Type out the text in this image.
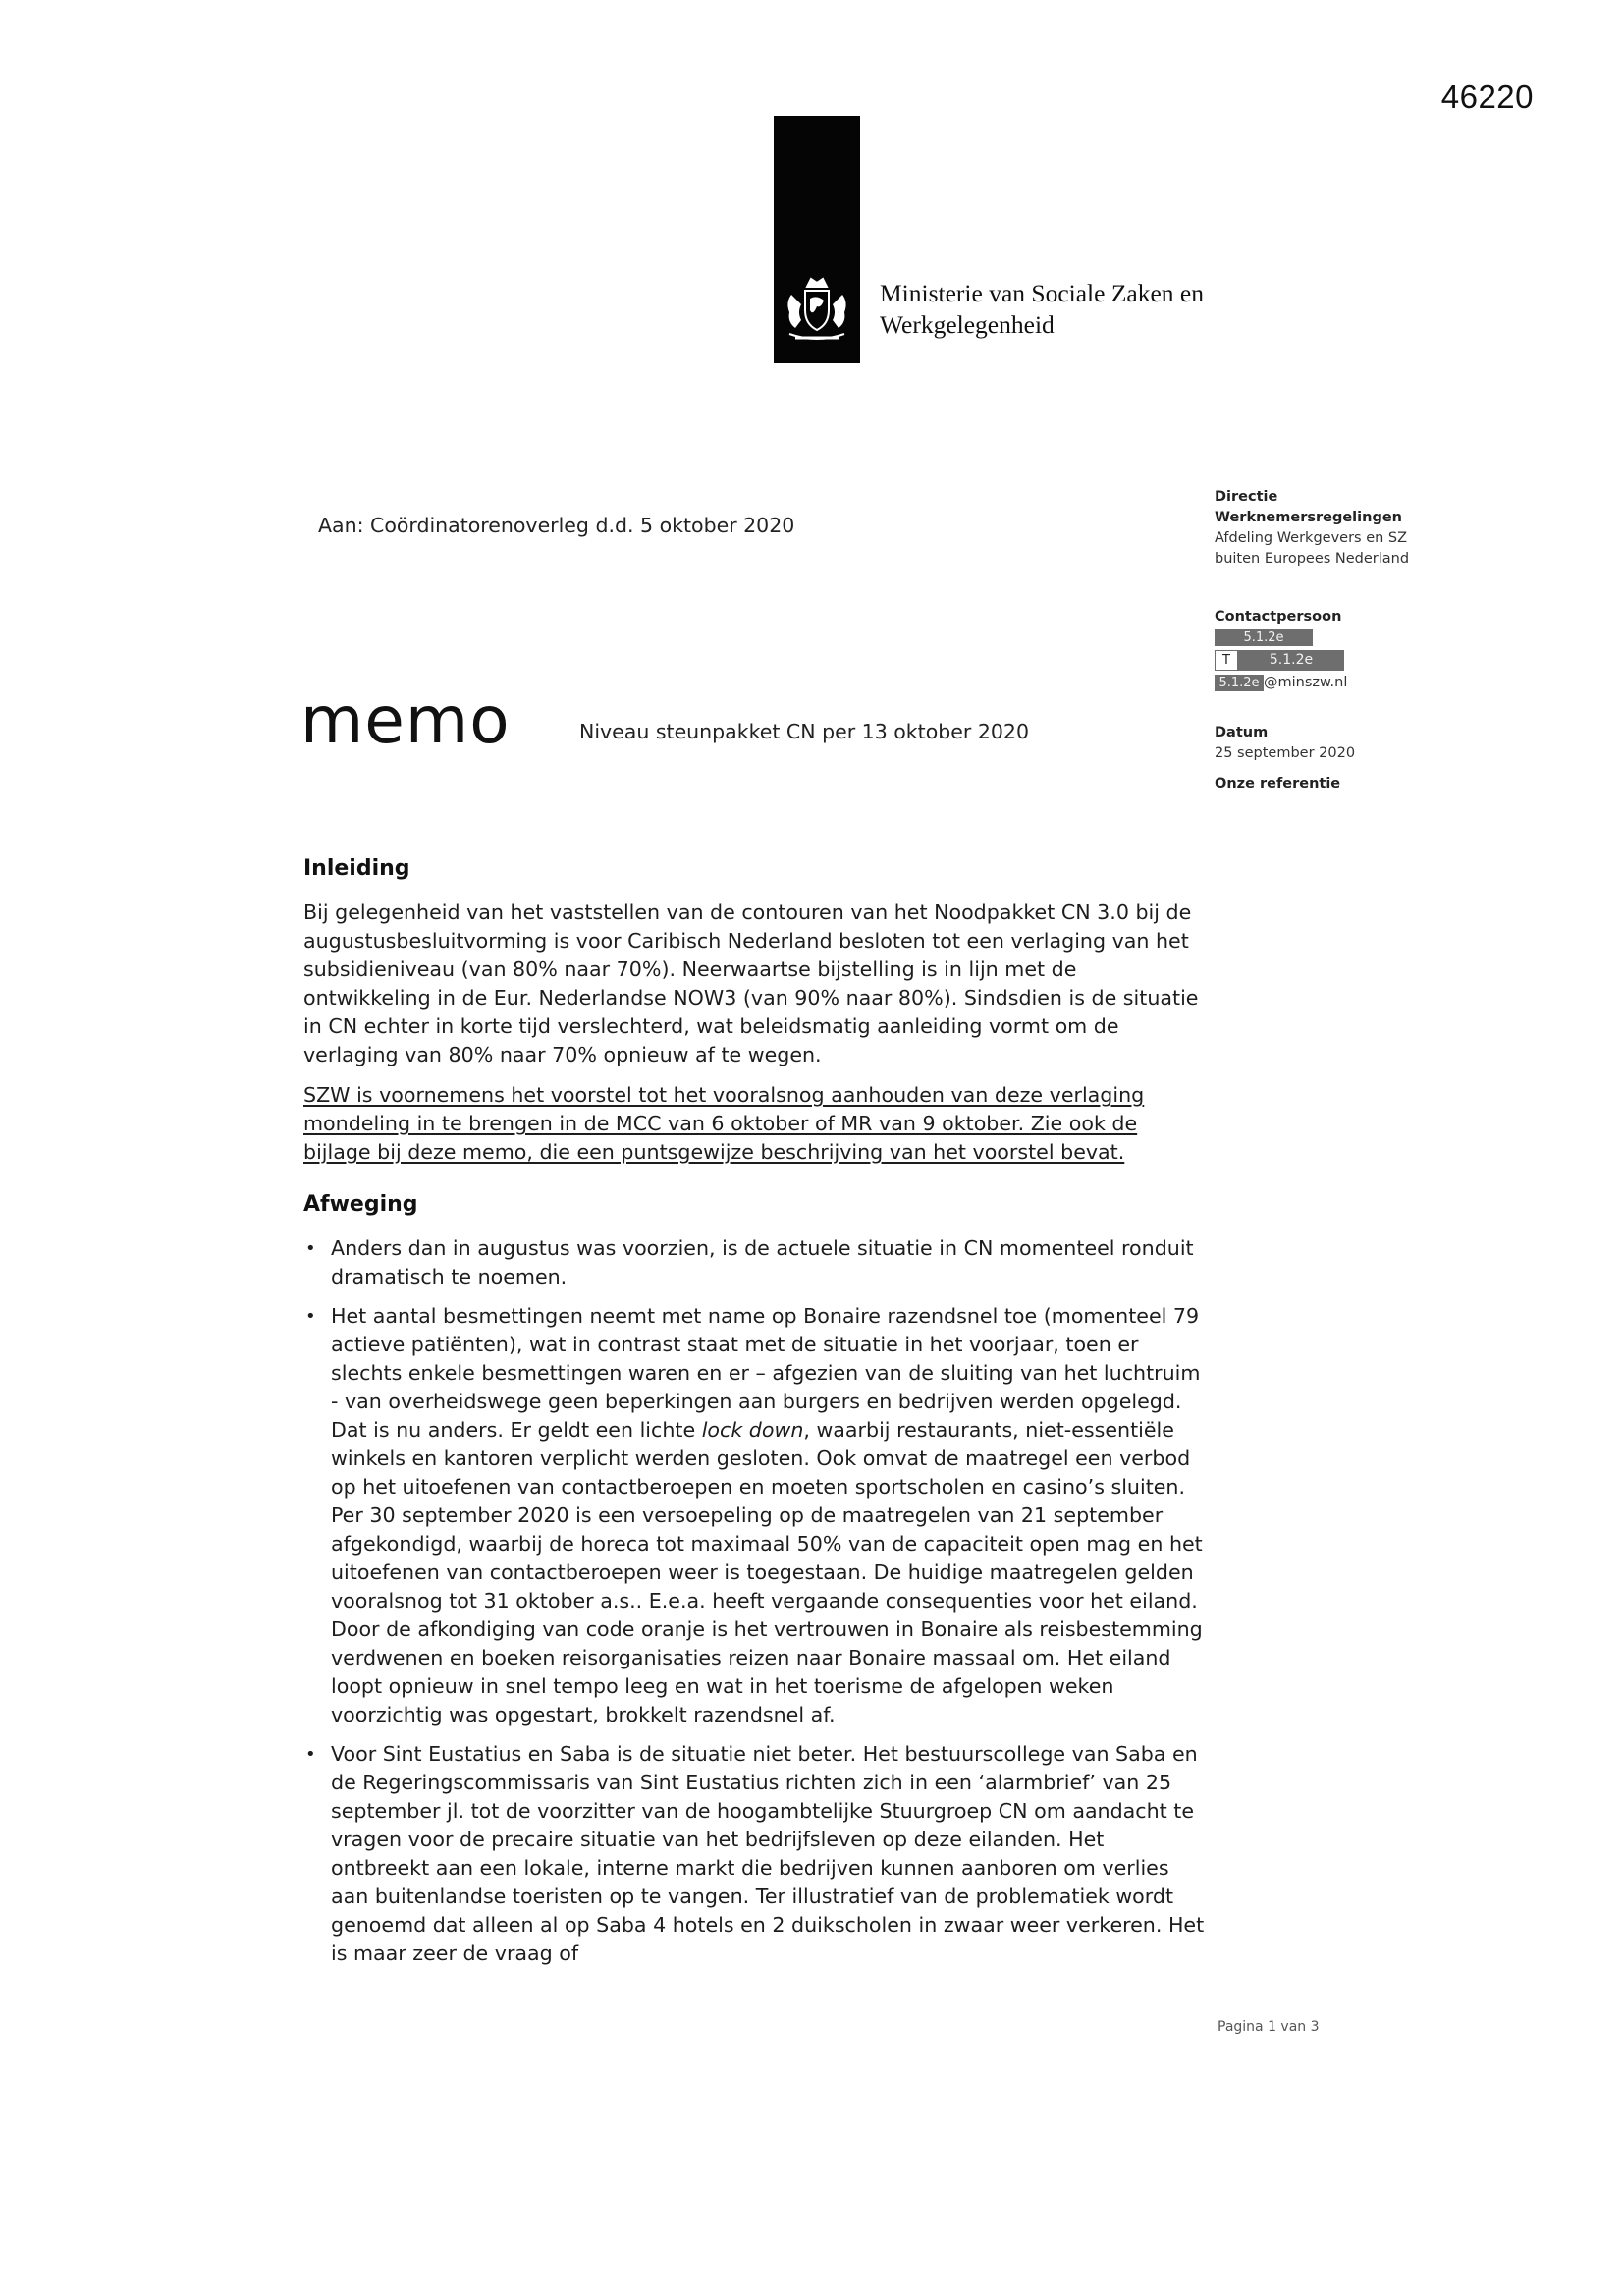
46220
Ministerie van Sociale Zaken en
Werkgelegenheid
Aan: Coördinatorenoverleg d.d. 5 oktober 2020
memo	Niveau steunpakket CN per 13 oktober 2020
Directie
Werknemersregelingen
Afdeling Werkgevers en SZ
buiten Europees Nederland
Contactpersoon
5.1.2e
T	5.1.2e
5.1.2e @minszw.nl
Datum
25 september 2020
Onze referentie
Inleiding

Bij gelegenheid van het vaststellen van de contouren van het Noodpakket CN 3.0 bij de augustusbesluitvorming is voor Caribisch Nederland besloten tot een verlaging van het subsidieniveau (van 80% naar 70%). Neerwaartse bijstelling is in lijn met de ontwikkeling in de Eur. Nederlandse NOW3 (van 90% naar 80%). Sindsdien is de situatie in CN echter in korte tijd verslechterd, wat beleidsmatig aanleiding vormt om de verlaging van 80% naar 70% opnieuw af te wegen.

SZW is voornemens het voorstel tot het vooralsnog aanhouden van deze verlaging mondeling in te brengen in de MCC van 6 oktober of MR van 9 oktober. Zie ook de bijlage bij deze memo, die een puntsgewijze beschrijving van het voorstel bevat.

Afweging
• Anders dan in augustus was voorzien, is de actuele situatie in CN momenteel ronduit dramatisch te noemen.
• Het aantal besmettingen neemt met name op Bonaire razendsnel toe (momenteel 79 actieve patiënten), wat in contrast staat met de situatie in het voorjaar, toen er slechts enkele besmettingen waren en er – afgezien van de sluiting van het luchtruim - van overheidswege geen beperkingen aan burgers en bedrijven werden opgelegd. Dat is nu anders. Er geldt een lichte lock down, waarbij restaurants, niet-essentiële winkels en kantoren verplicht werden gesloten. Ook omvat de maatregel een verbod op het uitoefenen van contactberoepen en moeten sportscholen en casino’s sluiten. Per 30 september 2020 is een versoepeling op de maatregelen van 21 september afgekondigd, waarbij de horeca tot maximaal 50% van de capaciteit open mag en het uitoefenen van contactberoepen weer is toegestaan. De huidige maatregelen gelden vooralsnog tot 31 oktober a.s.. E.e.a. heeft vergaande consequenties voor het eiland. Door de afkondiging van code oranje is het vertrouwen in Bonaire als reisbestemming verdwenen en boeken reisorganisaties reizen naar Bonaire massaal om. Het eiland loopt opnieuw in snel tempo leeg en wat in het toerisme de afgelopen weken voorzichtig was opgestart, brokkelt razendsnel af.
• Voor Sint Eustatius en Saba is de situatie niet beter. Het bestuurscollege van Saba en de Regeringscommissaris van Sint Eustatius richten zich in een ‘alarmbrief’ van 25 september jl. tot de voorzitter van de hoogambtelijke Stuurgroep CN om aandacht te vragen voor de precaire situatie van het bedrijfsleven op deze eilanden. Het ontbreekt aan een lokale, interne markt die bedrijven kunnen aanboren om verlies aan buitenlandse toeristen op te vangen. Ter illustratief van de problematiek wordt genoemd dat alleen al op Saba 4 hotels en 2 duikscholen in zwaar weer verkeren. Het is maar zeer de vraag of
Pagina 1 van 3
